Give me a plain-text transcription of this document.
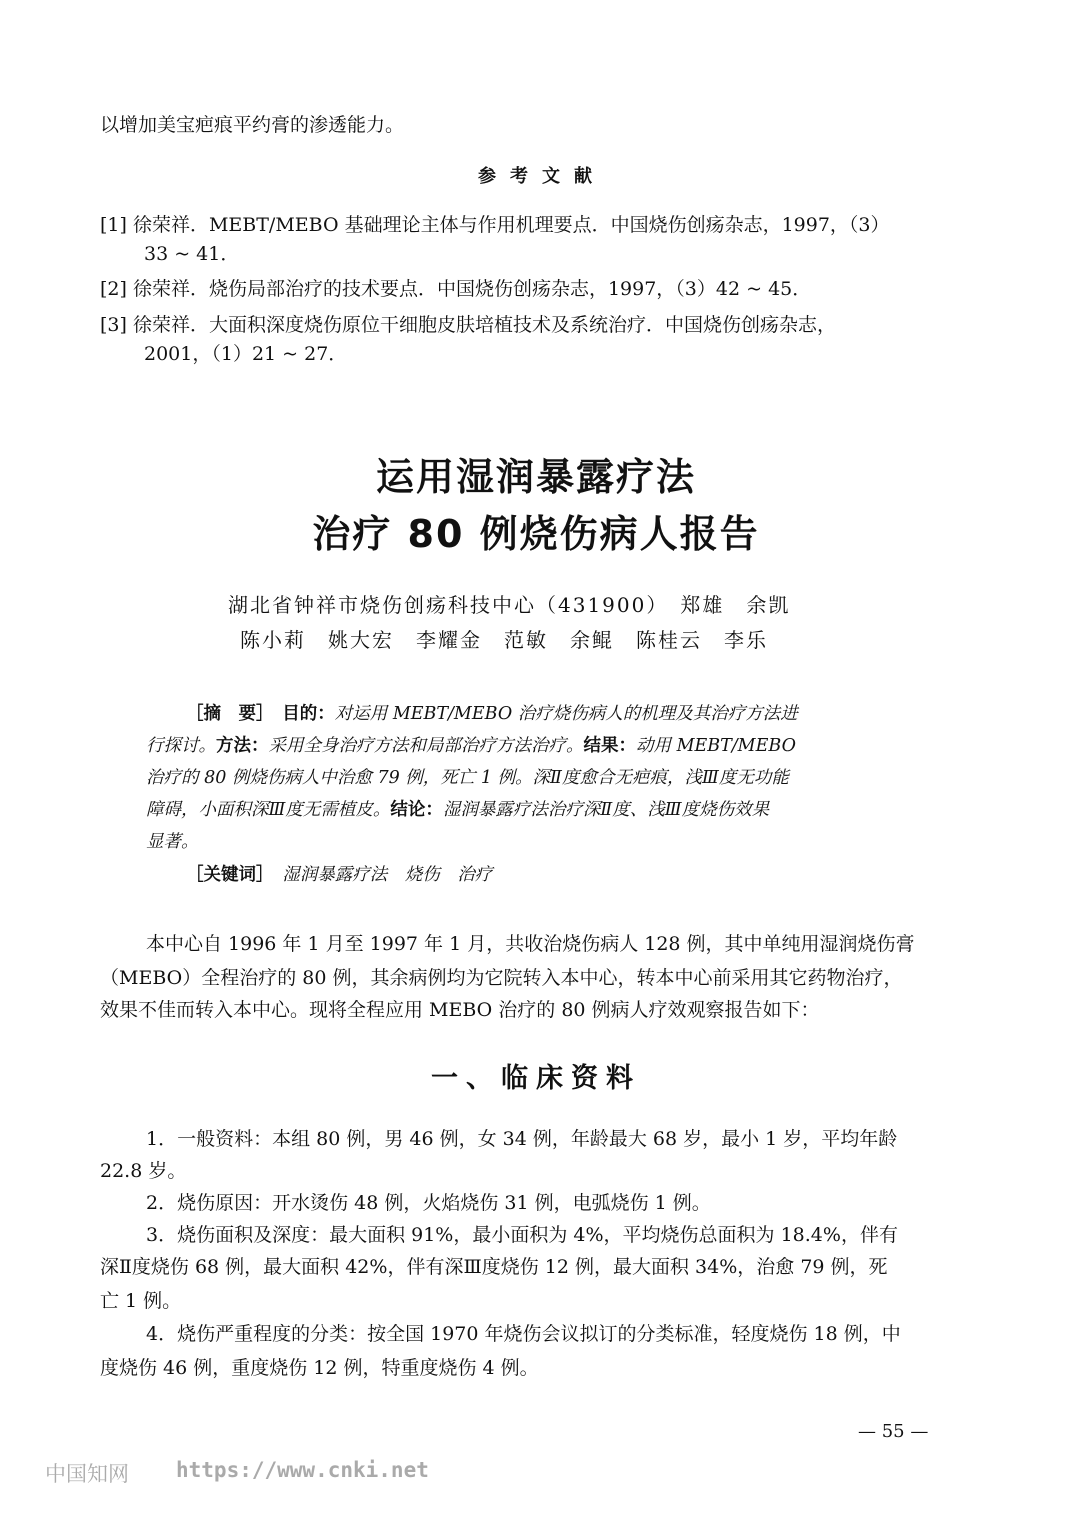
以增加美宝疤痕平约膏的渗透能力。
参考文献
[1] 徐荣祥．MEBT/MEBO 基础理论主体与作用机理要点．中国烧伤创疡杂志，1997，（3）
33 ~ 41．
[2] 徐荣祥．烧伤局部治疗的技术要点．中国烧伤创疡杂志，1997，（3）42 ~ 45．
[3] 徐荣祥．大面积深度烧伤原位干细胞皮肤培植技术及系统治疗．中国烧伤创疡杂志，
2001，（1）21 ~ 27．
运用湿润暴露疗法
治疗 80 例烧伤病人报告
湖北省钟祥市烧伤创疡科技中心（431900）　郑雄　余凯
陈小莉　姚大宏　李耀金　范敏　余鲲　陈桂云　李乐
［摘　要］　 目的：对运用 MEBT/MEBO 治疗烧伤病人的机理及其治疗方法进
行探讨。方法：采用全身治疗方法和局部治疗方法治疗。结果：动用 MEBT/MEBO
治疗的 80 例烧伤病人中治愈 79 例，死亡 1 例。深Ⅱ度愈合无疤痕，浅Ⅲ度无功能
障碍，小面积深Ⅲ度无需植皮。结论：湿润暴露疗法治疗深Ⅱ度、浅Ⅲ度烧伤效果
显著。
［关键词］　 湿润暴露疗法　烧伤　治疗
本中心自 1996 年 1 月至 1997 年 1 月，共收治烧伤病人 128 例，其中单纯用湿润烧伤膏
（MEBO）全程治疗的 80 例，其余病例均为它院转入本中心，转本中心前采用其它药物治疗，
效果不佳而转入本中心。现将全程应用 MEBO 治疗的 80 例病人疗效观察报告如下：
一、临床资料
1．一般资料：本组 80 例，男 46 例，女 34 例，年龄最大 68 岁，最小 1 岁，平均年龄
22.8 岁。
2．烧伤原因：开水烫伤 48 例，火焰烧伤 31 例，电弧烧伤 1 例。
3．烧伤面积及深度：最大面积 91%，最小面积为 4%，平均烧伤总面积为 18.4%，伴有
深Ⅱ度烧伤 68 例，最大面积 42%，伴有深Ⅲ度烧伤 12 例，最大面积 34%，治愈 79 例，死
亡 1 例。
4．烧伤严重程度的分类：按全国 1970 年烧伤会议拟订的分类标准，轻度烧伤 18 例，中
度烧伤 46 例，重度烧伤 12 例，特重度烧伤 4 例。
— 55 —
中国知网 https://www.cnki.net
